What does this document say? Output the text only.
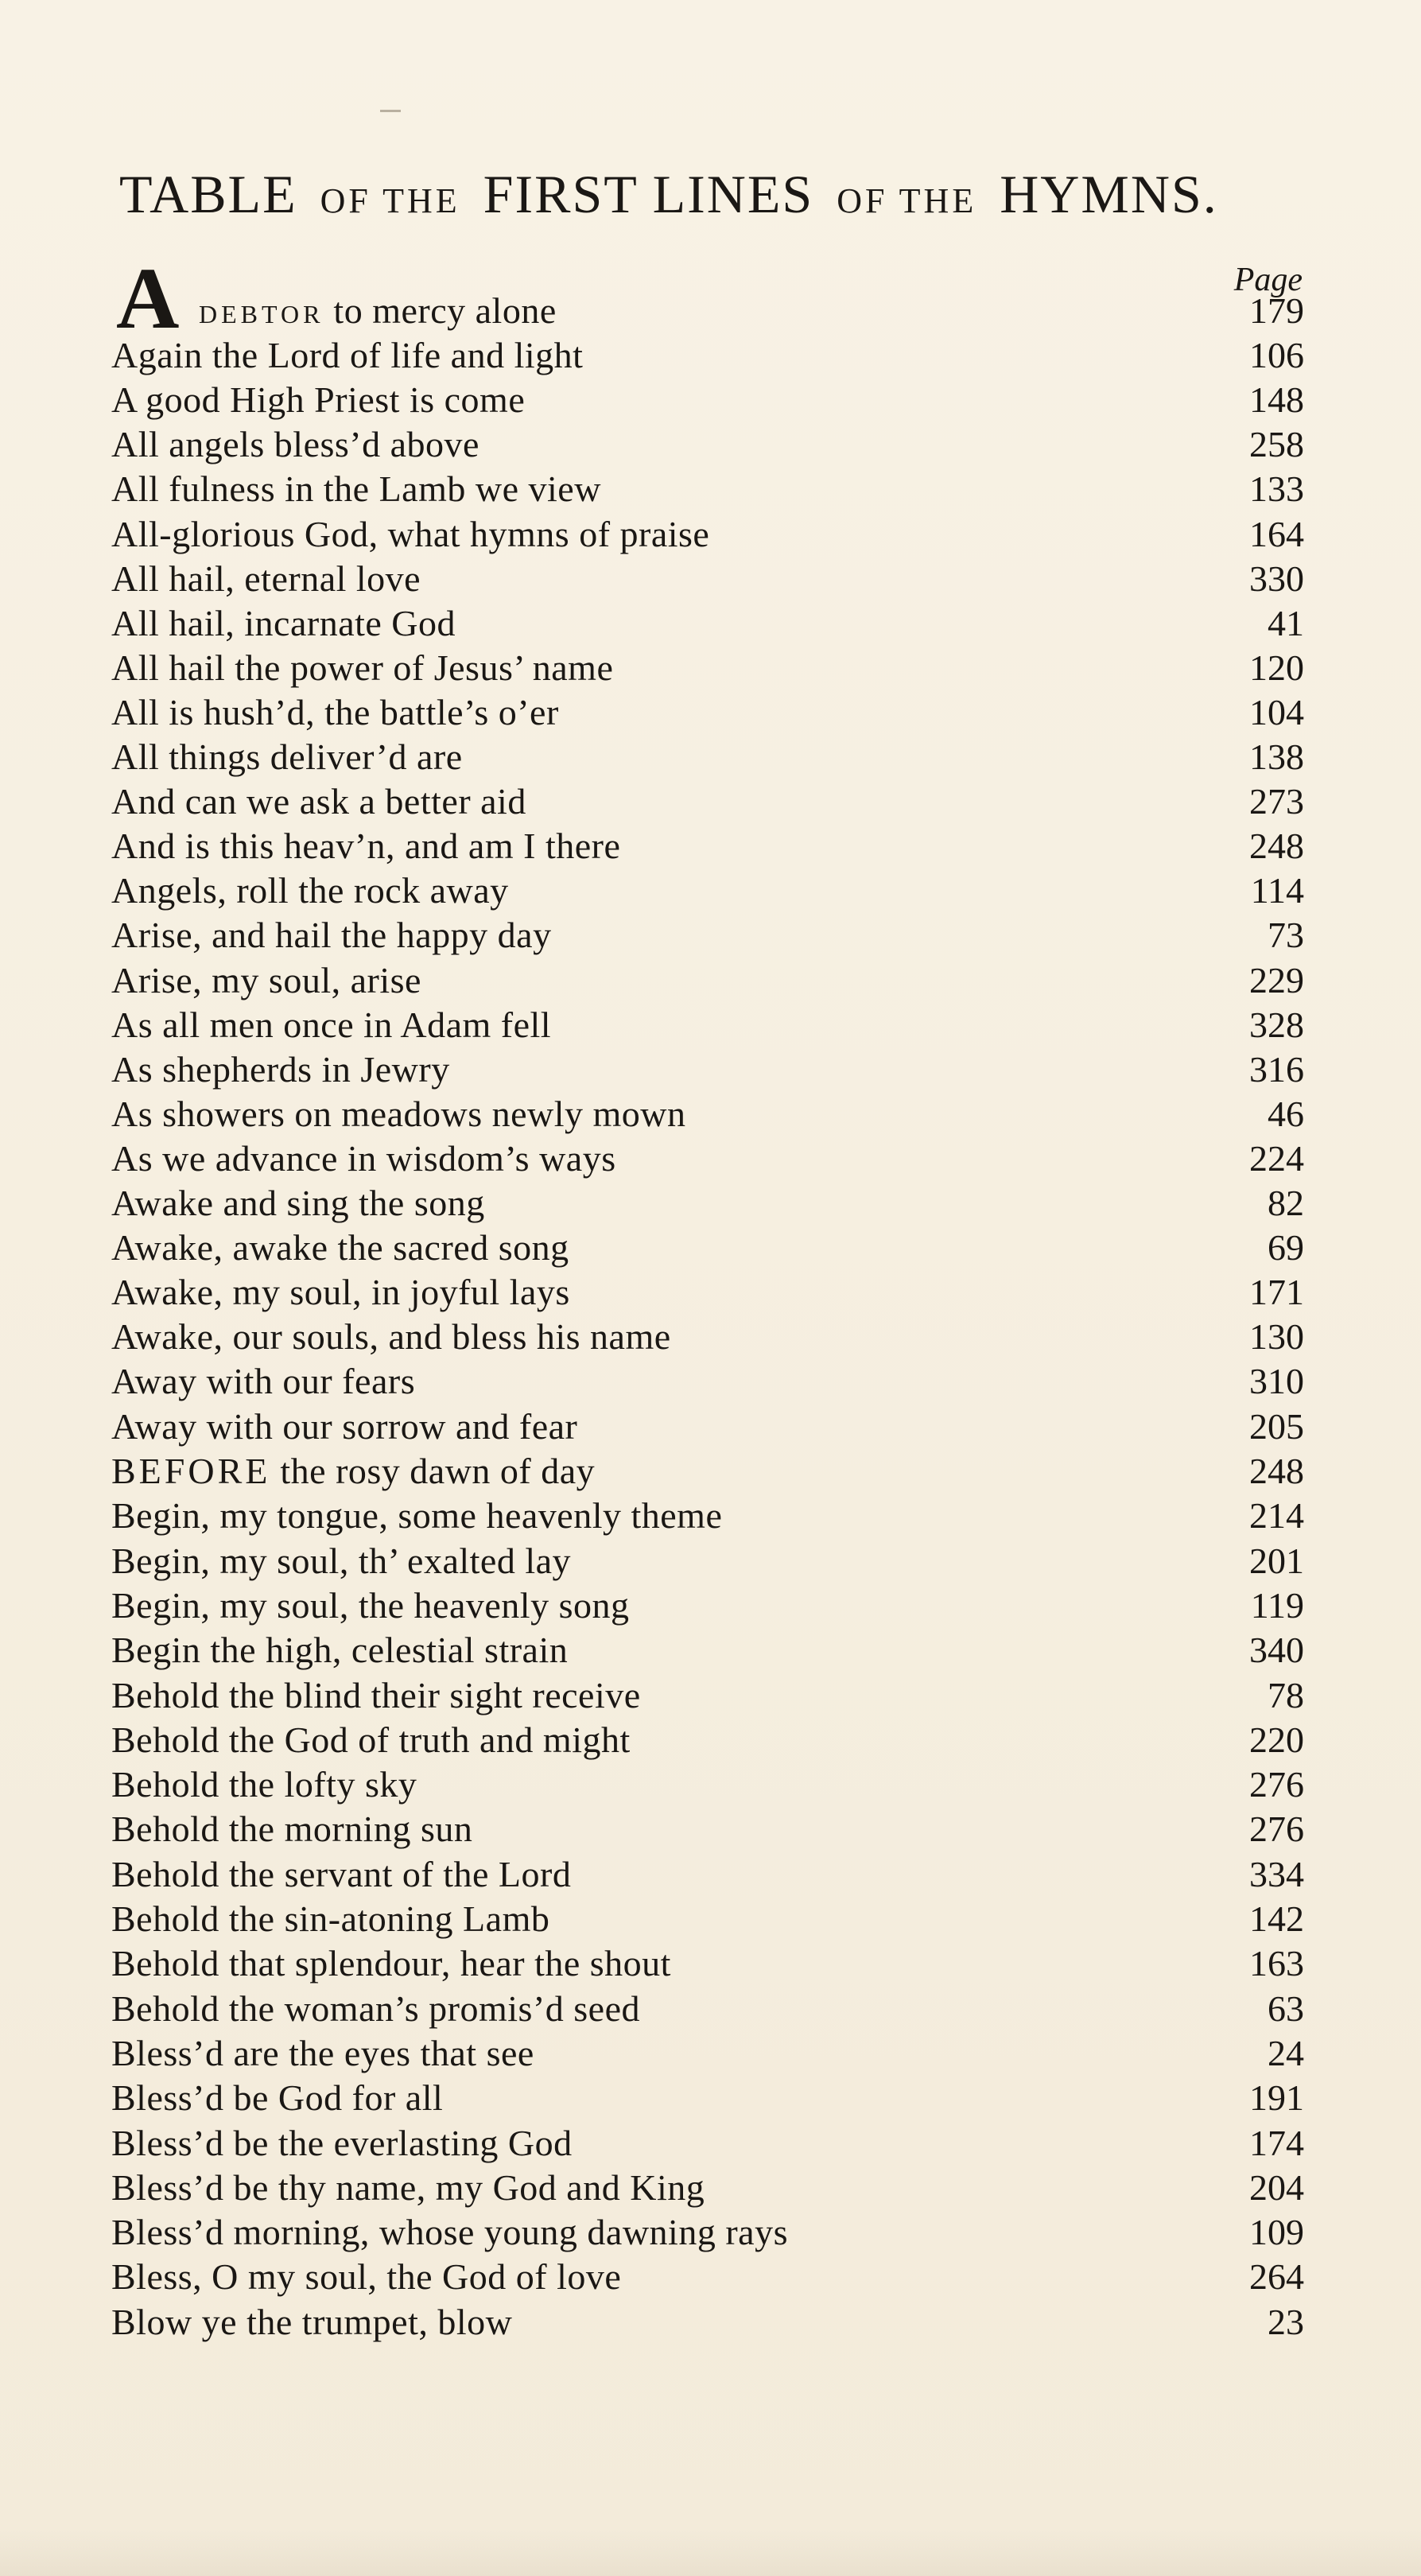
TABLE OF THE FIRST LINES OF THE HYMNS.
Page
A DEBTOR to mercy alone	179
Again the Lord of life and light	106
A good High Priest is come	148
All angels bless’d above	258
All fulness in the Lamb we view	133
All-glorious God, what hymns of praise	164
All hail, eternal love	330
All hail, incarnate God	41
All hail the power of Jesus’ name	120
All is hush’d, the battle’s o’er	104
All things deliver’d are	138
And can we ask a better aid	273
And is this heav’n, and am I there	248
Angels, roll the rock away	114
Arise, and hail the happy day	73
Arise, my soul, arise	229
As all men once in Adam fell	328
As shepherds in Jewry	316
As showers on meadows newly mown	46
As we advance in wisdom’s ways	224
Awake and sing the song	82
Awake, awake the sacred song	69
Awake, my soul, in joyful lays	171
Awake, our souls, and bless his name	130
Away with our fears	310
Away with our sorrow and fear	205
BEFORE the rosy dawn of day	248
Begin, my tongue, some heavenly theme	214
Begin, my soul, th’ exalted lay	201
Begin, my soul, the heavenly song	119
Begin the high, celestial strain	340
Behold the blind their sight receive	78
Behold the God of truth and might	220
Behold the lofty sky	276
Behold the morning sun	276
Behold the servant of the Lord	334
Behold the sin-atoning Lamb	142
Behold that splendour, hear the shout	163
Behold the woman’s promis’d seed	63
Bless’d are the eyes that see	24
Bless’d be God for all	191
Bless’d be the everlasting God	174
Bless’d be thy name, my God and King	204
Bless’d morning, whose young dawning rays	109
Bless, O my soul, the God of love	264
Blow ye the trumpet, blow	23
